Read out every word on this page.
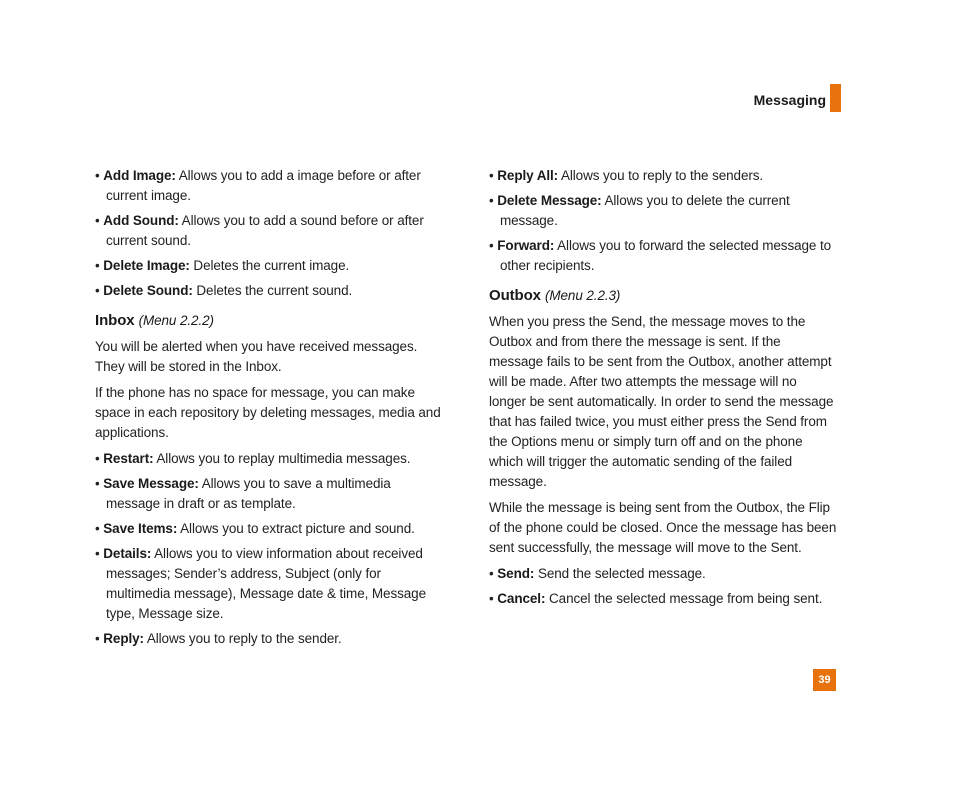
Messaging
• Add Image: Allows you to add a image before or after current image.
• Add Sound: Allows you to add a sound before or after current sound.
• Delete Image: Deletes the current image.
• Delete Sound: Deletes the current sound.
Inbox (Menu 2.2.2)
You will be alerted when you have received messages. They will be stored in the Inbox.
If the phone has no space for message, you can make space in each repository by deleting messages, media and applications.
• Restart: Allows you to replay multimedia messages.
• Save Message: Allows you to save a multimedia message in draft or as template.
• Save Items: Allows you to extract picture and sound.
• Details: Allows you to view information about received messages; Sender’s address, Subject (only for multimedia message), Message date & time, Message type, Message size.
• Reply: Allows you to reply to the sender.
• Reply All: Allows you to reply to the senders.
• Delete Message: Allows you to delete the current message.
• Forward: Allows you to forward the selected message to other recipients.
Outbox (Menu 2.2.3)
When you press the Send, the message moves to the Outbox and from there the message is sent. If the message fails to be sent from the Outbox, another attempt will be made. After two attempts the message will no longer be sent automatically. In order to send the message that has failed twice, you must either press the Send from the Options menu or simply turn off and on the phone which will trigger the automatic sending of the failed message.
While the message is being sent from the Outbox, the Flip of the phone could be closed. Once the message has been sent successfully, the message will move to the Sent.
• Send: Send the selected message.
• Cancel: Cancel the selected message from being sent.
39
